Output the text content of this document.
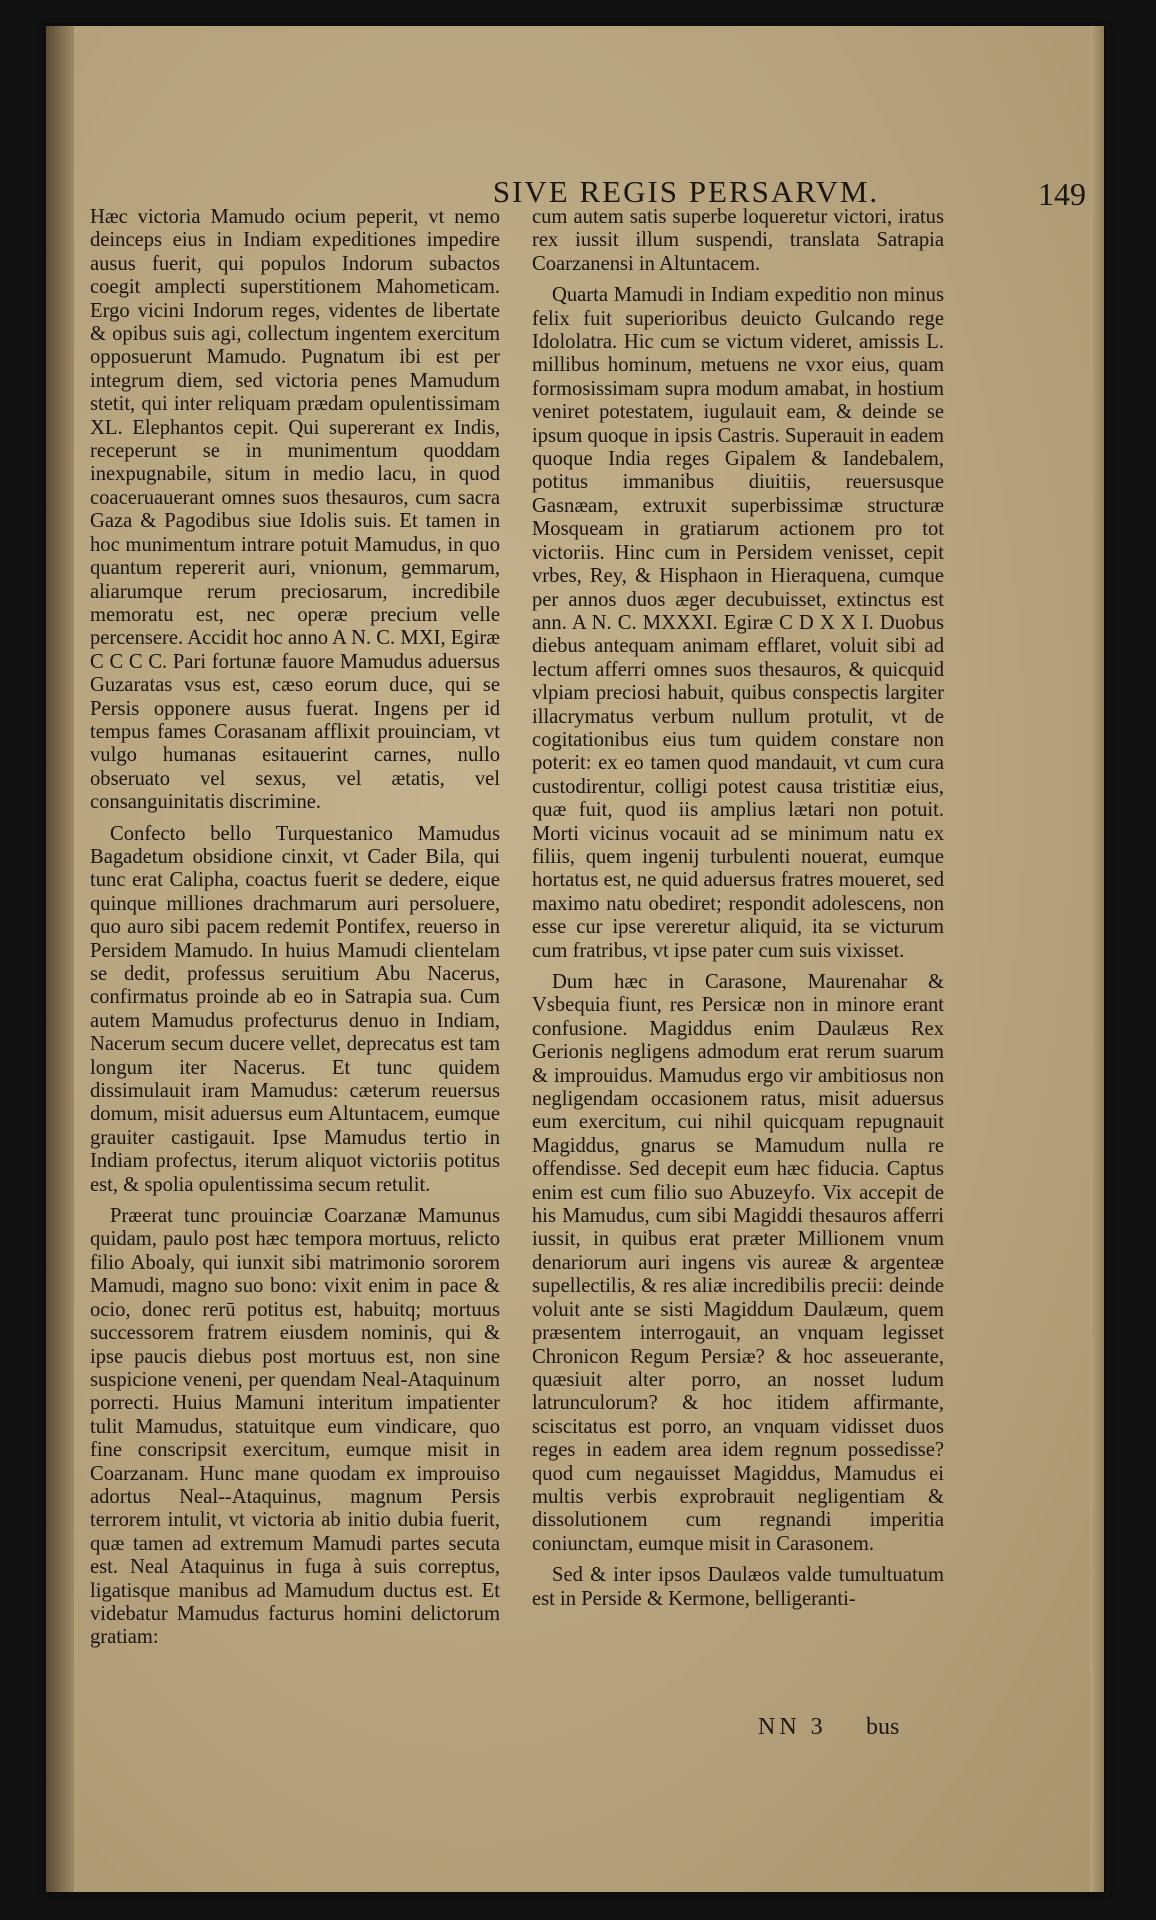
SIVE REGIS PERSARVM.	149

Hæc victoria Mamudo ocium peperit, vt nemo deinceps eius in Indiam expeditiones impedire ausus fuerit, qui populos Indorum subactos coegit amplecti superstitionem Mahometicam. Ergo vicini Indorum reges, videntes de libertate & opibus suis agi, collectum ingentem exercitum opposuerunt Mamudo. Pugnatum ibi est per integrum diem, sed victoria penes Mamudum stetit, qui inter reliquam prædam opulentissimam XL. Elephantos cepit. Qui supererant ex Indis, receperunt se in munimentum quoddam inexpugnabile, situm in medio lacu, in quod coaceruauerant omnes suos thesauros, cum sacra Gaza & Pagodibus siue Idolis suis. Et tamen in hoc munimentum intrare potuit Mamudus, in quo quantum repererit auri, vnionum, gemmarum, aliarumque rerum preciosarum, incredibile memoratu est, nec operæ precium velle percensere. Accidit hoc anno A N. C. MXI, Egiræ C C C C. Pari fortunæ fauore Mamudus aduersus Guzaratas vsus est, cæso eorum duce, qui se Persis opponere ausus fuerat. Ingens per id tempus fames Corasanam afflixit prouinciam, vt vulgo humanas esitauerint carnes, nullo obseruato vel sexus, vel ætatis, vel consanguinitatis discrimine.

Confecto bello Turquestanico Mamudus Bagadetum obsidione cinxit, vt Cader Bila, qui tunc erat Calipha, coactus fuerit se dedere, eique quinque milliones drachmarum auri persoluere, quo auro sibi pacem redemit Pontifex, reuerso in Persidem Mamudo. In huius Mamudi clientelam se dedit, professus seruitium Abu Nacerus, confirmatus proinde ab eo in Satrapia sua. Cum autem Mamudus profecturus denuo in Indiam, Nacerum secum ducere vellet, deprecatus est tam longum iter Nacerus. Et tunc quidem dissimulauit iram Mamudus: cæterum reuersus domum, misit aduersus eum Altuntacem, eumque grauiter castigauit. Ipse Mamudus tertio in Indiam profectus, iterum aliquot victoriis potitus est, & spolia opulentissima secum retulit.

Præerat tunc prouinciæ Coarzanæ Mamunus quidam, paulo post hæc tempora mortuus, relicto filio Aboaly, qui iunxit sibi matrimonio sororem Mamudi, magno suo bono: vixit enim in pace & ocio, donec rerū potitus est, habuitq; mortuus successorem fratrem eiusdem nominis, qui & ipse paucis diebus post mortuus est, non sine suspicione veneni, per quendam Neal-Ataquinum porrecti. Huius Mamuni interitum impatienter tulit Mamudus, statuitque eum vindicare, quo fine conscripsit exercitum, eumque misit in Coarzanam. Hunc mane quodam ex improuiso adortus Neal--Ataquinus, magnum Persis terrorem intulit, vt victoria ab initio dubia fuerit, quæ tamen ad extremum Mamudi partes secuta est. Neal Ataquinus in fuga à suis correptus, ligatisque manibus ad Mamudum ductus est. Et videbatur Mamudus facturus homini delictorum gratiam:

cum autem satis superbe loqueretur victori, iratus rex iussit illum suspendi, translata Satrapia Coarzanensi in Altuntacem.

Quarta Mamudi in Indiam expeditio non minus felix fuit superioribus deuicto Gulcando rege Idololatra. Hic cum se victum videret, amissis L. millibus hominum, metuens ne vxor eius, quam formosissimam supra modum amabat, in hostium veniret potestatem, iugulauit eam, & deinde se ipsum quoque in ipsis Castris. Superauit in eadem quoque India reges Gipalem & Iandebalem, potitus immanibus diuitiis, reuersusque Gasnæam, extruxit superbissimæ structuræ Mosqueam in gratiarum actionem pro tot victoriis. Hinc cum in Persidem venisset, cepit vrbes, Rey, & Hisphaon in Hieraquena, cumque per annos duos æger decubuisset, extinctus est ann. A N. C. MXXXI. Egiræ C D X X I. Duobus diebus antequam animam efflaret, voluit sibi ad lectum afferri omnes suos thesauros, & quicquid vlpiam preciosi habuit, quibus conspectis largiter illacrymatus verbum nullum protulit, vt de cogitationibus eius tum quidem constare non poterit: ex eo tamen quod mandauit, vt cum cura custodirentur, colligi potest causa tristitiæ eius, quæ fuit, quod iis amplius lætari non potuit. Morti vicinus vocauit ad se minimum natu ex filiis, quem ingenij turbulenti nouerat, eumque hortatus est, ne quid aduersus fratres moueret, sed maximo natu obediret; respondit adolescens, non esse cur ipse vereretur aliquid, ita se victurum cum fratribus, vt ipse pater cum suis vixisset.

Dum hæc in Carasone, Maurenahar & Vsbequia fiunt, res Persicæ non in minore erant confusione. Magiddus enim Daulæus Rex Gerionis negligens admodum erat rerum suarum & improuidus. Mamudus ergo vir ambitiosus non negligendam occasionem ratus, misit aduersus eum exercitum, cui nihil quicquam repugnauit Magiddus, gnarus se Mamudum nulla re offendisse. Sed decepit eum hæc fiducia. Captus enim est cum filio suo Abuzeyfo. Vix accepit de his Mamudus, cum sibi Magiddi thesauros afferri iussit, in quibus erat præter Millionem vnum denariorum auri ingens vis aureæ & argenteæ supellectilis, & res aliæ incredibilis precii: deinde voluit ante se sisti Magiddum Daulæum, quem præsentem interrogauit, an vnquam legisset Chronicon Regum Persiæ? & hoc asseuerante, quæsiuit alter porro, an nosset ludum latrunculorum? & hoc itidem affirmante, sciscitatus est porro, an vnquam vidisset duos reges in eadem area idem regnum possedisse? quod cum negauisset Magiddus, Mamudus ei multis verbis exprobrauit negligentiam & dissolutionem cum regnandi imperitia coniunctam, eumque misit in Carasonem.

Sed & inter ipsos Daulæos valde tumultuatum est in Perside & Kermone, belligeranti-

NN 3 bus
